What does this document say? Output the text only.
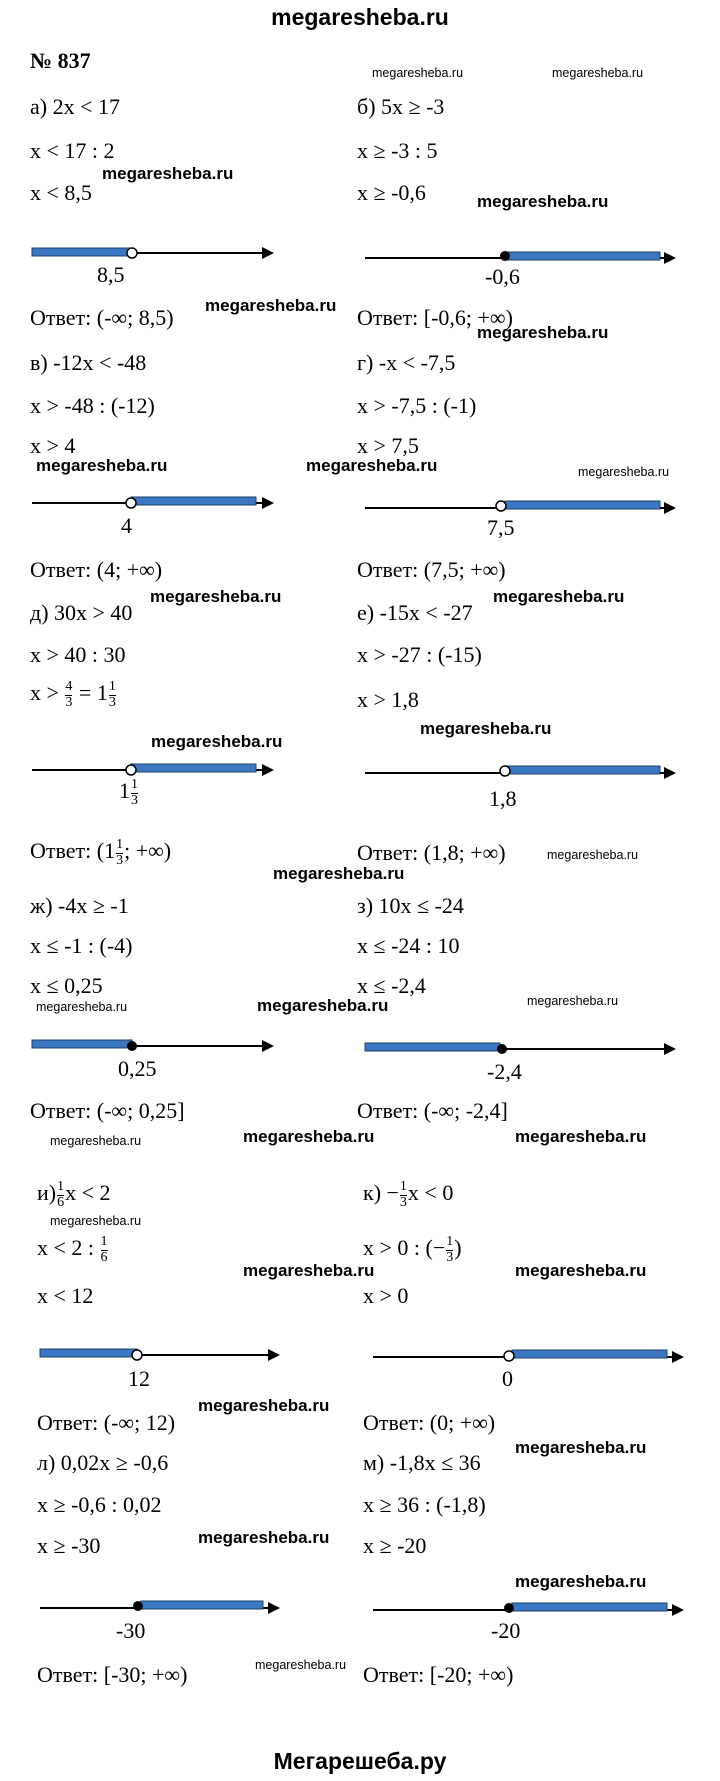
megaresheba.ru
Мегарешеба.ру
№ 837
а) 2х < 17
х < 17 : 2
х < 8,5
8,5
Ответ: (-∞; 8,5)
б) 5х ≥ -3
х ≥ -3 : 5
х ≥ -0,6
-0,6
Ответ: [-0,6; +∞)
в) -12х < -48
х > -48 : (-12)
х > 4
4
Ответ: (4; +∞)
г) -х < -7,5
х > -7,5 : (-1)
х > 7,5
7,5
Ответ: (7,5; +∞)
д) 30х > 40
х > 40 : 30
$х > \frac{4}{3} = 1 \frac{1}{3}$
$1 \frac{1}{3}$
Ответ: ($1 \frac{1}{3}$ ; +∞)
е) -15х < -27
х > -27 : (-15)
х > 1,8
1,8
Ответ: (1,8; +∞)
ж) -4х ≥ -1
х ≤ -1 : (-4)
х ≤ 0,25
0,25
Ответ: (-∞; 0,25]
з) 10х ≤ -24
х ≤ -24 : 10
х ≤ -2,4
-2,4
Ответ: (-∞; -2,4]
$и) \frac{1}{6}$ х < 2
х < 2 : $\frac{1}{6}$
х < 12
12
Ответ: (-∞; 12)
$к) - \frac{1}{3}$ х < 0
х > 0 : (− $\frac{1}{3}$ )
х > 0
0
Ответ: (0; +∞)
л) 0,02х ≥ -0,6
х ≥ -0,6 : 0,02
х ≥ -30
-30
Ответ: [-30; +∞)
м) -1,8х ≤ 36
х ≥ 36 : (-1,8)
х ≥ -20
-20
Ответ: [-20; +∞)
megaresheba.ru	megaresheba.ru
megaresheba.ru
megaresheba.ru
megaresheba.ru
megaresheba.ru
megaresheba.ru	megaresheba.ru	megaresheba.ru
megaresheba.ru	megaresheba.ru
megaresheba.ru
megaresheba.ru
megaresheba.ru
megaresheba.ru
megaresheba.ru	megaresheba.ru	megaresheba.ru
megaresheba.ru	megaresheba.ru	megaresheba.ru
megaresheba.ru
megaresheba.ru	megaresheba.ru
megaresheba.ru
megaresheba.ru
megaresheba.ru
megaresheba.ru
megaresheba.ru
